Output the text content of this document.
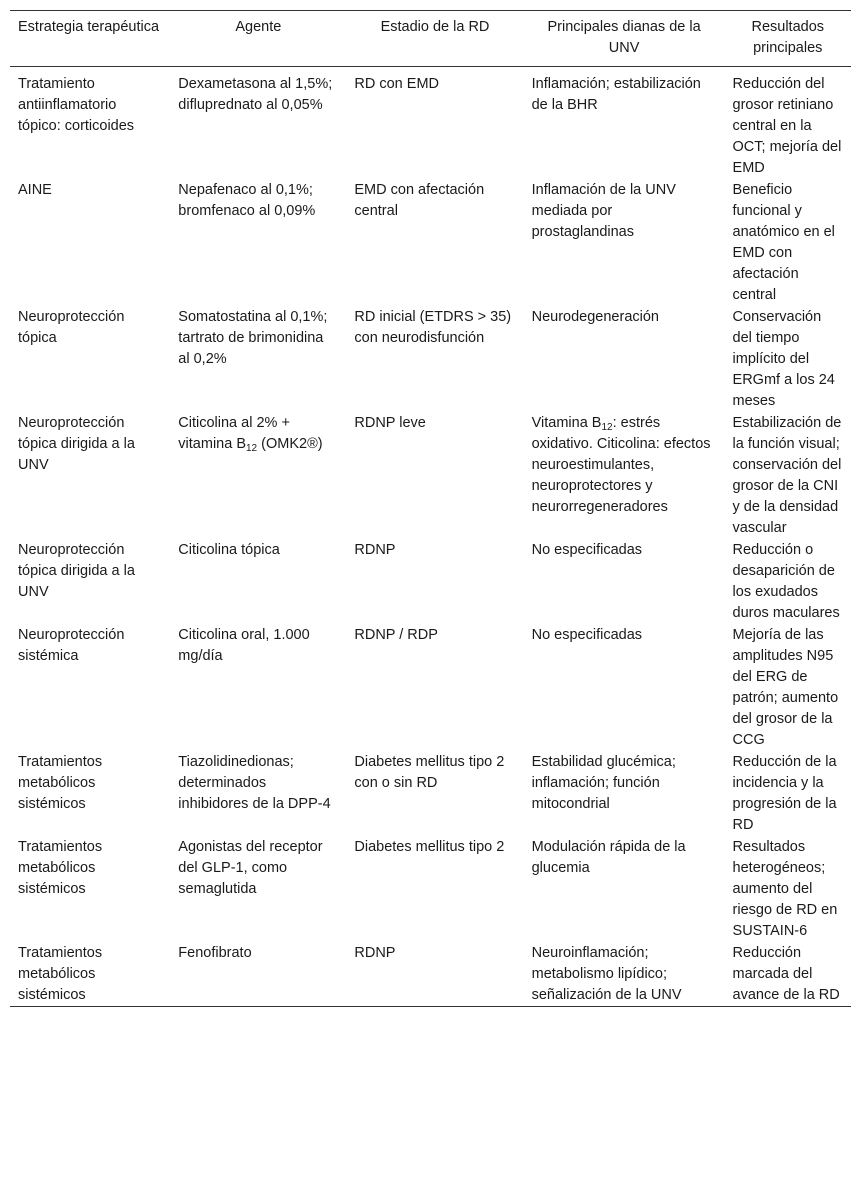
Estrategia terapéutica	Agente	Estadio de la RD	Principales dianas de la UNV	Resultados principales
Tratamiento antiinflamatorio tópico: corticoides	Dexametasona al 1,5%; difluprednato al 0,05%	RD con EMD	Inflamación; estabilización de la BHR	Reducción del grosor retiniano central en la OCT; mejoría del EMD
AINE	Nepafenaco al 0,1%; bromfenaco al 0,09%	EMD con afectación central	Inflamación de la UNV mediada por prostaglandinas	Beneficio funcional y anatómico en el EMD con afectación central
Neuroprotección tópica	Somatostatina al 0,1%; tartrato de brimonidina al 0,2%	RD inicial (ETDRS > 35) con neurodisfunción	Neurodegeneración	Conservación del tiempo implícito del ERGmf a los 24 meses
Neuroprotección tópica dirigida a la UNV	Citicolina al 2% + vitamina $B_{12}$ (OMK2®)	RDNP leve	Vitamina $B_{12}$: estrés oxidativo. Citicolina: efectos neuroestimulantes, neuroprotectores y neurorregeneradores	Estabilización de la función visual; conservación del grosor de la CNI y de la densidad vascular
Neuroprotección tópica dirigida a la UNV	Citicolina tópica	RDNP	No especificadas	Reducción o desaparición de los exudados duros maculares
Neuroprotección sistémica	Citicolina oral, 1.000 mg/día	RDNP / RDP	No especificadas	Mejoría de las amplitudes N95 del ERG de patrón; aumento del grosor de la CCG
Tratamientos metabólicos sistémicos	Tiazolidinedionas; determinados inhibidores de la DPP-4	Diabetes mellitus tipo 2 con o sin RD	Estabilidad glucémica; inflamación; función mitocondrial	Reducción de la incidencia y la progresión de la RD
Tratamientos metabólicos sistémicos	Agonistas del receptor del GLP-1, como semaglutida	Diabetes mellitus tipo 2	Modulación rápida de la glucemia	Resultados heterogéneos; aumento del riesgo de RD en SUSTAIN-6
Tratamientos metabólicos sistémicos	Fenofibrato	RDNP	Neuroinflamación; metabolismo lipídico; señalización de la UNV	Reducción marcada del avance de la RD
